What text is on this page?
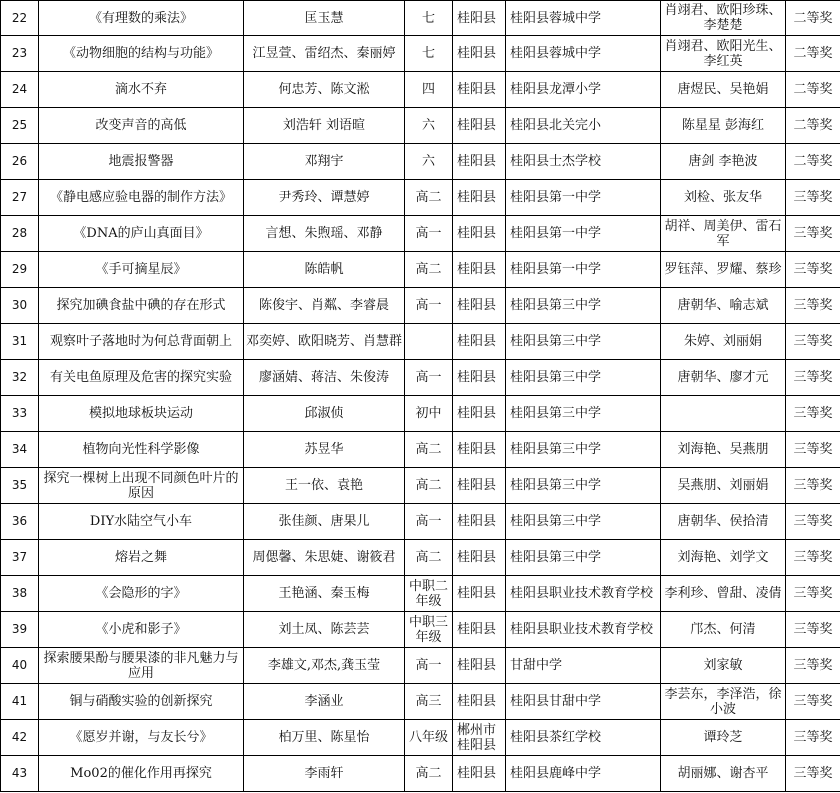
22	《有理数的乘法》	匡玉慧	七	桂阳县	桂阳县蓉城中学	肖翊君、欧阳珍珠、李楚楚	二等奖
23	《动物细胞的结构与功能》	江昱萱、雷绍杰、秦丽婷	七	桂阳县	桂阳县蓉城中学	肖翊君、欧阳光生、李红英	二等奖
24	滴水不弃	何忠芳、陈文淞	四	桂阳县	桂阳县龙潭小学	唐煜民、吴艳娟	二等奖
25	改变声音的高低	刘浩轩 刘语暄	六	桂阳县	桂阳县北关完小	陈星星 彭海红	二等奖
26	地震报警器	邓翔宇	六	桂阳县	桂阳县士杰学校	唐剑 李艳波	二等奖
27	《静电感应验电器的制作方法》	尹秀玲、谭慧婷	高二	桂阳县	桂阳县第一中学	刘检、张友华	三等奖
28	《DNA的庐山真面目》	言想、朱煦瑶、邓静	高一	桂阳县	桂阳县第一中学	胡祥、周美伊、雷石军	三等奖
29	《手可摘星辰》	陈皓帆	高二	桂阳县	桂阳县第一中学	罗钰萍、罗耀、蔡珍	三等奖
30	探究加碘食盐中碘的存在形式	陈俊宇、肖粼、李睿晨	高一	桂阳县	桂阳县第三中学	唐朝华、喻志斌	三等奖
31	观察叶子落地时为何总背面朝上	邓奕婷、欧阳晓芳、肖慧群		桂阳县	桂阳县第三中学	朱婷、刘丽娟	三等奖
32	有关电鱼原理及危害的探究实验	廖涵婧、蒋洁、朱俊涛	高一	桂阳县	桂阳县第三中学	唐朝华、廖才元	三等奖
33	模拟地球板块运动	邱淑侦	初中	桂阳县	桂阳县第三中学		三等奖
34	植物向光性科学影像	苏昱华	高二	桂阳县	桂阳县第三中学	刘海艳、吴燕朋	三等奖
35	探究一棵树上出现不同颜色叶片的原因	王一依、袁艳	高二	桂阳县	桂阳县第三中学	吴燕朋、刘丽娟	三等奖
36	DIY水陆空气小车	张佳颜、唐果儿	高一	桂阳县	桂阳县第三中学	唐朝华、侯拾清	三等奖
37	熔岩之舞	周偲馨、朱思婕、谢筱君	高二	桂阳县	桂阳县第三中学	刘海艳、刘学文	三等奖
38	《会隐形的字》	王艳涵、秦玉梅	中职二年级	桂阳县	桂阳县职业技术教育学校	李利珍、曾甜、凌倩	三等奖
39	《小虎和影子》	刘土凤、陈芸芸	中职三年级	桂阳县	桂阳县职业技术教育学校	邝杰、何清	三等奖
40	探索腰果酚与腰果漆的非凡魅力与应用	李雄文,邓杰,龚玉莹	高一	桂阳县	甘甜中学	刘家敏	三等奖
41	铜与硝酸实验的创新探究	李涵业	高三	桂阳县	桂阳县甘甜中学	李芸东，李泽浩，徐小波	三等奖
42	《愿岁并谢，与友长兮》	柏万里、陈星怡	八年级	郴州市桂阳县	桂阳县茶红学校	谭玲芝	三等奖
43	Mo02的催化作用再探究	李雨轩	高二	桂阳县	桂阳县鹿峰中学	胡丽娜、谢杏平	三等奖
